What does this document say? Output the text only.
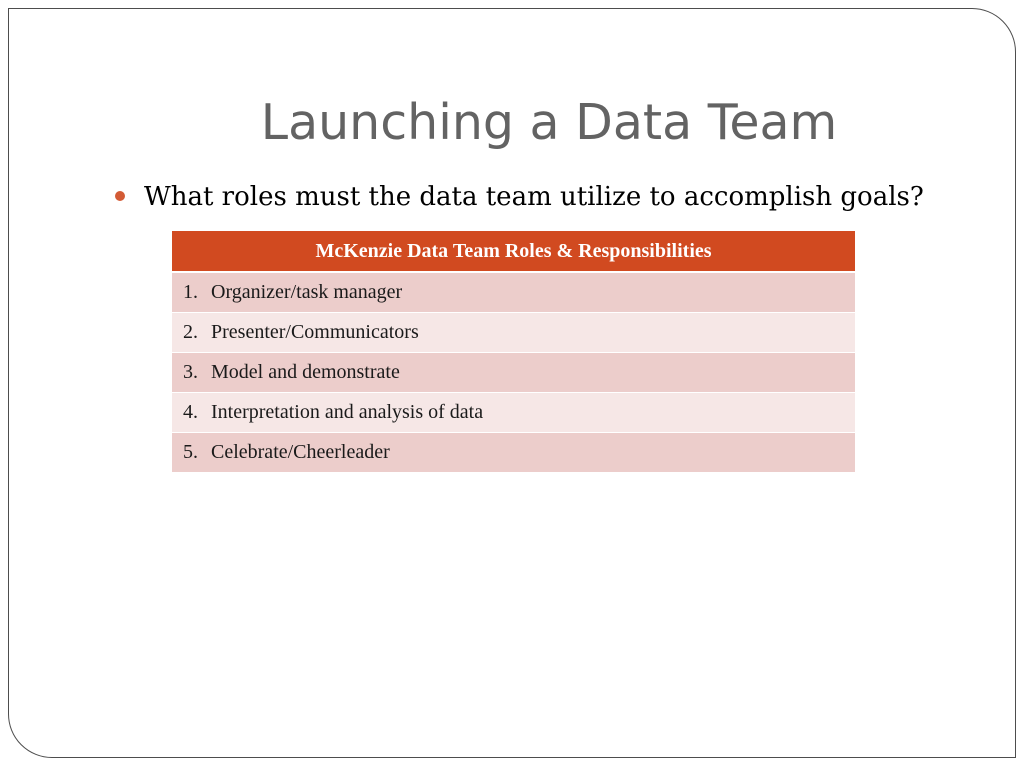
Launching a Data Team
What roles must the data team utilize to accomplish goals?
McKenzie Data Team Roles & Responsibilities
1. Organizer/task manager
2. Presenter/Communicators
3. Model and demonstrate
4. Interpretation and analysis of data
5. Celebrate/Cheerleader
